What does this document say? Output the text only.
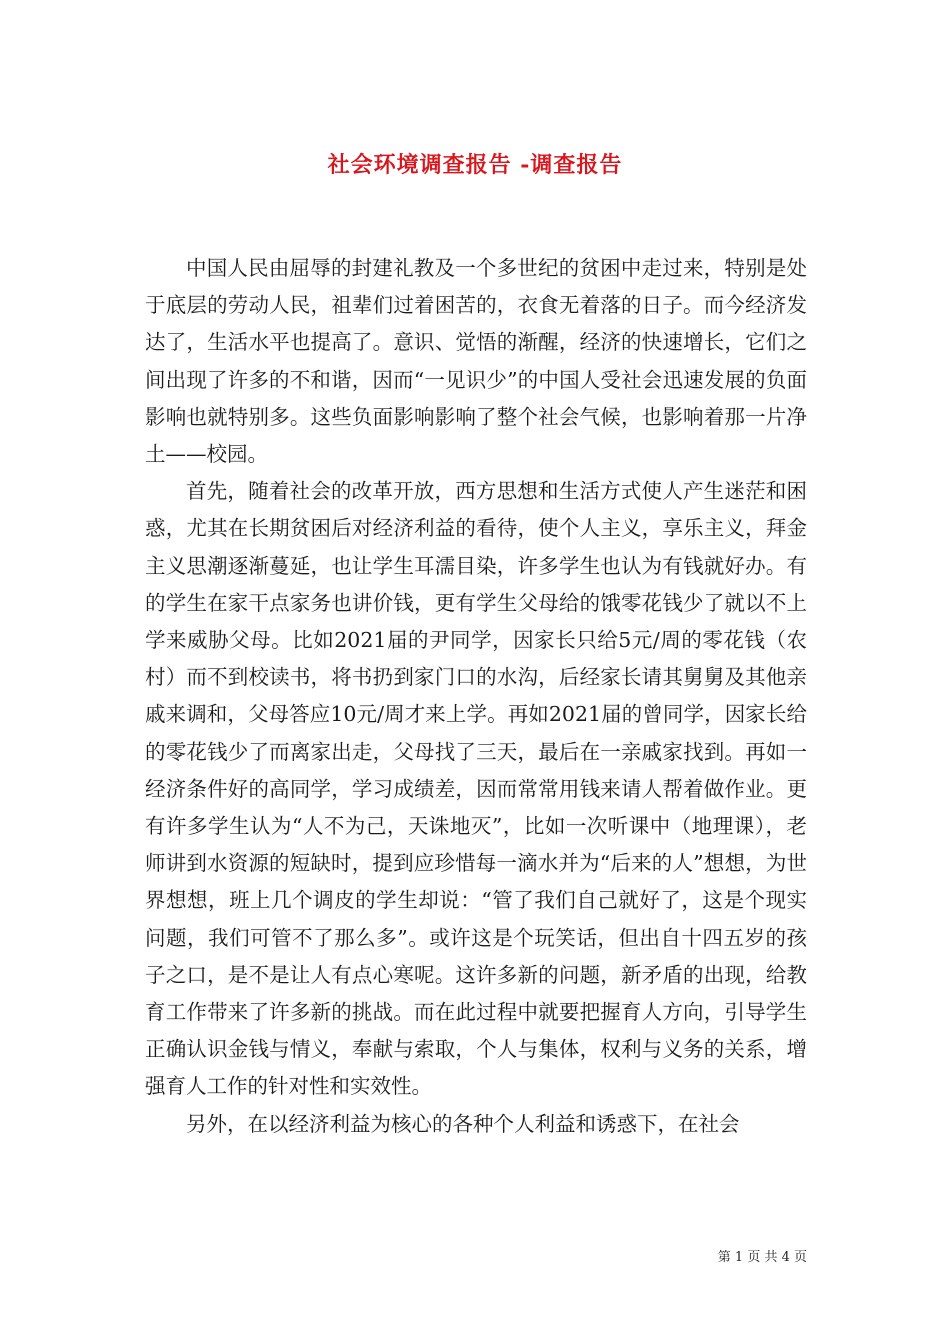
社会环境调查报告 -调查报告

中国人民由屈辱的封建礼教及一个多世纪的贫困中走过来，特别是处于底层的劳动人民，祖辈们过着困苦的，衣食无着落的日子。而今经济发达了，生活水平也提高了。意识、觉悟的渐醒，经济的快速增长，它们之间出现了许多的不和谐，因而“一见识少”的中国人受社会迅速发展的负面影响也就特别多。这些负面影响影响了整个社会气候，也影响着那一片净土——校园。

首先，随着社会的改革开放，西方思想和生活方式使人产生迷茫和困惑，尤其在长期贫困后对经济利益的看待，使个人主义，享乐主义，拜金主义思潮逐渐蔓延，也让学生耳濡目染，许多学生也认为有钱就好办。有的学生在家干点家务也讲价钱，更有学生父母给的饿零花钱少了就以不上学来威胁父母。比如2021届的尹同学，因家长只给5元/周的零花钱（农村）而不到校读书，将书扔到家门口的水沟，后经家长请其舅舅及其他亲戚来调和，父母答应10元/周才来上学。再如2021届的曾同学，因家长给的零花钱少了而离家出走，父母找了三天，最后在一亲戚家找到。再如一经济条件好的高同学，学习成绩差，因而常常用钱来请人帮着做作业。更有许多学生认为“人不为己，天诛地灭”，比如一次听课中（地理课），老师讲到水资源的短缺时，提到应珍惜每一滴水并为“后来的人”想想，为世界想想，班上几个调皮的学生却说：“管了我们自己就好了，这是个现实问题，我们可管不了那么多”。或许这是个玩笑话，但出自十四五岁的孩子之口，是不是让人有点心寒呢。这许多新的问题，新矛盾的出现，给教育工作带来了许多新的挑战。而在此过程中就要把握育人方向，引导学生正确认识金钱与情义，奉献与索取，个人与集体，权利与义务的关系，增强育人工作的针对性和实效性。

另外，在以经济利益为核心的各种个人利益和诱惑下，在社会

第 1 页 共 4 页
